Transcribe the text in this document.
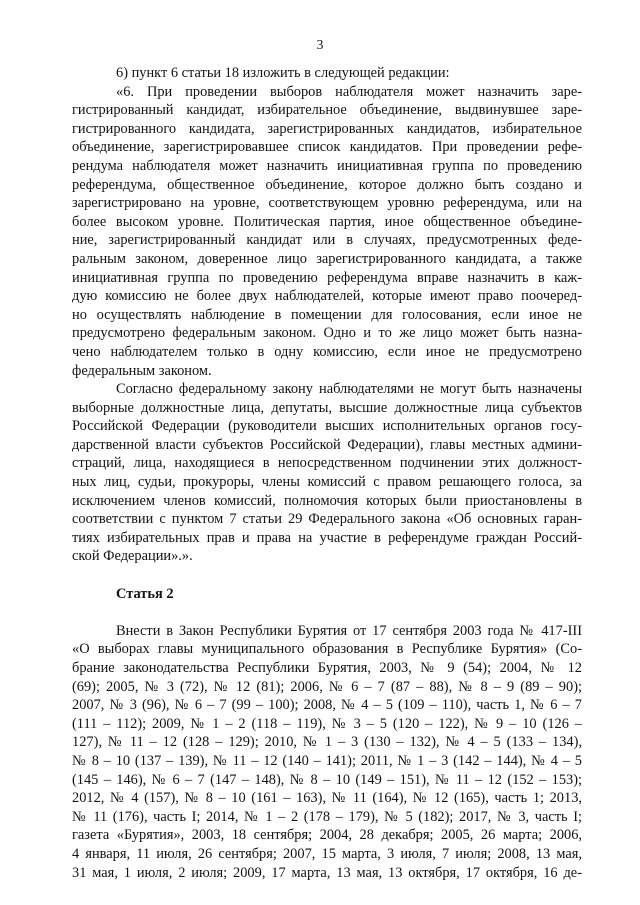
3
6) пункт 6 статьи 18 изложить в следующей редакции:
«6. При проведении выборов наблюдателя может назначить заре-
гистрированный кандидат, избирательное объединение, выдвинувшее заре-
гистрированного кандидата, зарегистрированных кандидатов, избирательное
объединение, зарегистрировавшее список кандидатов. При проведении рефе-
рендума наблюдателя может назначить инициативная группа по проведению
референдума, общественное объединение, которое должно быть создано и
зарегистрировано на уровне, соответствующем уровню референдума, или на
более высоком уровне. Политическая партия, иное общественное объедине-
ние, зарегистрированный кандидат или в случаях, предусмотренных феде-
ральным законом, доверенное лицо зарегистрированного кандидата, а также
инициативная группа по проведению референдума вправе назначить в каж-
дую комиссию не более двух наблюдателей, которые имеют право поочеред-
но осуществлять наблюдение в помещении для голосования, если иное не
предусмотрено федеральным законом. Одно и то же лицо может быть назна-
чено наблюдателем только в одну комиссию, если иное не предусмотрено
федеральным законом.
Согласно федеральному закону наблюдателями не могут быть назначены
выборные должностные лица, депутаты, высшие должностные лица субъектов
Российской Федерации (руководители высших исполнительных органов госу-
дарственной власти субъектов Российской Федерации), главы местных админи-
страций, лица, находящиеся в непосредственном подчинении этих должност-
ных лиц, судьи, прокуроры, члены комиссий с правом решающего голоса, за
исключением членов комиссий, полномочия которых были приостановлены в
соответствии с пунктом 7 статьи 29 Федерального закона «Об основных гаран-
тиях избирательных прав и права на участие в референдуме граждан Россий-
ской Федерации».».
Статья 2
Внести в Закон Республики Бурятия от 17 сентября 2003 года № 417-III
«О выборах главы муниципального образования в Республике Бурятия» (Со-
брание законодательства Республики Бурятия, 2003, № 9 (54); 2004, № 12
(69); 2005, № 3 (72), № 12 (81); 2006, № 6 – 7 (87 – 88), № 8 – 9 (89 – 90);
2007, № 3 (96), № 6 – 7 (99 – 100); 2008, № 4 – 5 (109 – 110), часть 1, № 6 – 7
(111 – 112); 2009, № 1 – 2 (118 – 119), № 3 – 5 (120 – 122), № 9 – 10 (126 –
127), № 11 – 12 (128 – 129); 2010, № 1 – 3 (130 – 132), № 4 – 5 (133 – 134),
№ 8 – 10 (137 – 139), № 11 – 12 (140 – 141); 2011, № 1 – 3 (142 – 144), № 4 – 5
(145 – 146), № 6 – 7 (147 – 148), № 8 – 10 (149 – 151), № 11 – 12 (152 – 153);
2012, № 4 (157), № 8 – 10 (161 – 163), № 11 (164), № 12 (165), часть 1; 2013,
№ 11 (176), часть I; 2014, № 1 – 2 (178 – 179), № 5 (182); 2017, № 3, часть I;
газета «Бурятия», 2003, 18 сентября; 2004, 28 декабря; 2005, 26 марта; 2006,
4 января, 11 июля, 26 сентября; 2007, 15 марта, 3 июля, 7 июля; 2008, 13 мая,
31 мая, 1 июля, 2 июля; 2009, 17 марта, 13 мая, 13 октября, 17 октября, 16 де-
